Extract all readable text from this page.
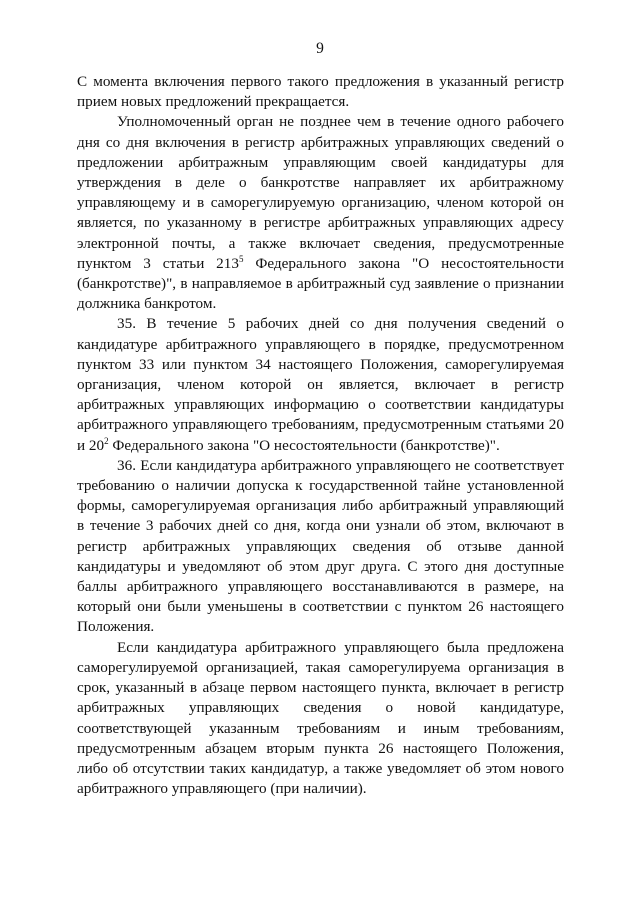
9

С момента включения первого такого предложения в указанный регистр прием новых предложений прекращается.

Уполномоченный орган не позднее чем в течение одного рабочего дня со дня включения в регистр арбитражных управляющих сведений о предложении арбитражным управляющим своей кандидатуры для утверждения в деле о банкротстве направляет их арбитражному управляющему и в саморегулируемую организацию, членом которой он является, по указанному в регистре арбитражных управляющих адресу электронной почты, а также включает сведения, предусмотренные пунктом 3 статьи $213^5$ Федерального закона "О несостоятельности (банкротстве)", в направляемое в арбитражный суд заявление о признании должника банкротом.

35. В течение 5 рабочих дней со дня получения сведений о кандидатуре арбитражного управляющего в порядке, предусмотренном пунктом 33 или пунктом 34 настоящего Положения, саморегулируемая организация, членом которой он является, включает в регистр арбитражных управляющих информацию о соответствии кандидатуры арбитражного управляющего требованиям, предусмотренным статьями 20 и $20^2$ Федерального закона "О несостоятельности (банкротстве)".

36. Если кандидатура арбитражного управляющего не соответствует требованию о наличии допуска к государственной тайне установленной формы, саморегулируемая организация либо арбитражный управляющий в течение 3 рабочих дней со дня, когда они узнали об этом, включают в регистр арбитражных управляющих сведения об отзыве данной кандидатуры и уведомляют об этом друг друга. С этого дня доступные баллы арбитражного управляющего восстанавливаются в размере, на который они были уменьшены в соответствии с пунктом 26 настоящего Положения.

Если кандидатура арбитражного управляющего была предложена саморегулируемой организацией, такая саморегулируема организация в срок, указанный в абзаце первом настоящего пункта, включает в регистр арбитражных управляющих сведения о новой кандидатуре, соответствующей указанным требованиям и иным требованиям, предусмотренным абзацем вторым пункта 26 настоящего Положения, либо об отсутствии таких кандидатур, а также уведомляет об этом нового арбитражного управляющего (при наличии).
